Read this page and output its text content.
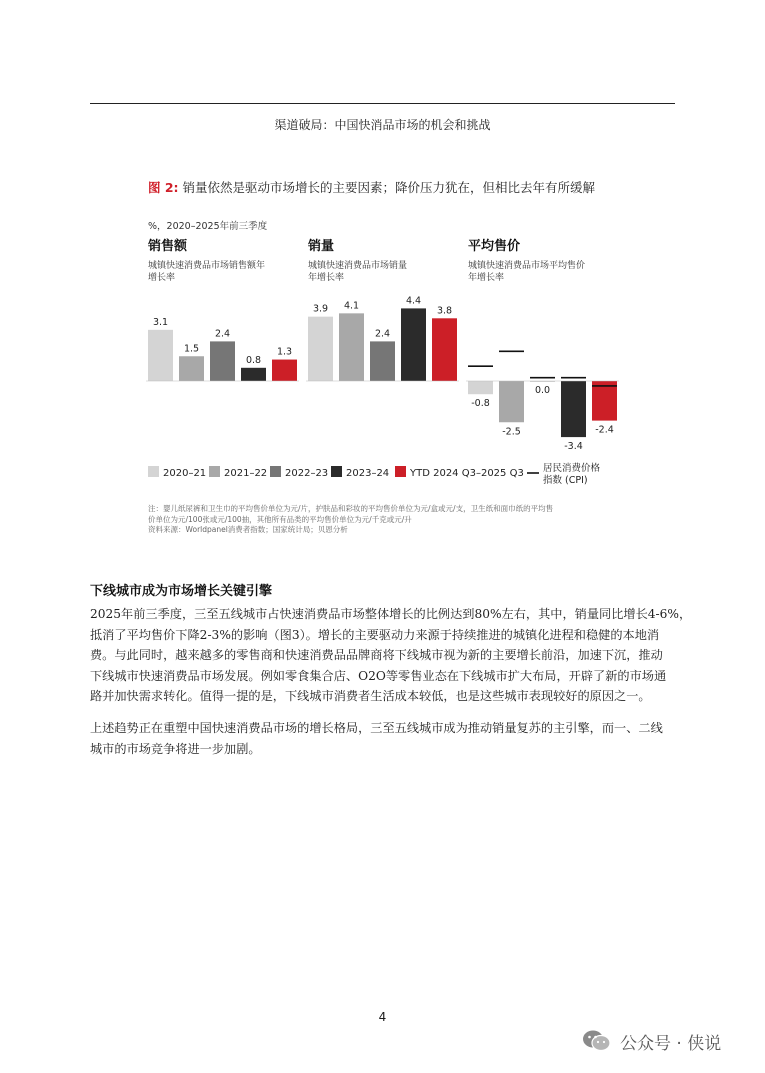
渠道破局：中国快消品市场的机会和挑战
图 2: 销量依然是驱动市场增长的主要因素；降价压力犹在，但相比去年有所缓解
%，2020–2025年前三季度
销售额
城镇快速消费品市场销售额年
增长率
3.1
1.5
2.4
0.8
1.3
销量
城镇快速消费品市场销量
年增长率
3.9 4.1
2.4
4.4
3.8
平均售价
城镇快速消费品市场平均售价
年增长率
-0.8
-2.5
0.0
-3.4
-2.4
2020–21 2021–22 2022–23 2023–24 YTD 2024 Q3–2025 Q3 居民消费价格
指数 (CPI)
注：婴儿纸尿裤和卫生巾的平均售价单位为元/片，护肤品和彩妆的平均售价单位为元/盒或元/支，卫生纸和面巾纸的平均售
价单位为元/100张或元/100抽，其他所有品类的平均售价单位为元/千克或元/升
资料来源：Worldpanel消费者指数；国家统计局；贝恩分析
下线城市成为市场增长关键引擎
2025年前三季度，三至五线城市占快速消费品市场整体增长的比例达到80%左右，其中，销量同比增长4-6%，
抵消了平均售价下降2-3%的影响（图3）。增长的主要驱动力来源于持续推进的城镇化进程和稳健的本地消
费。与此同时，越来越多的零售商和快速消费品品牌商将下线城市视为新的主要增长前沿，加速下沉，推动
下线城市快速消费品市场发展。例如零食集合店、O2O等零售业态在下线城市扩大布局，开辟了新的市场通
路并加快需求转化。值得一提的是，下线城市消费者生活成本较低，也是这些城市表现较好的原因之一。
上述趋势正在重塑中国快速消费品市场的增长格局，三至五线城市成为推动销量复苏的主引擎，而一、二线
城市的市场竞争将进一步加剧。
4
公众号 · 侠说
